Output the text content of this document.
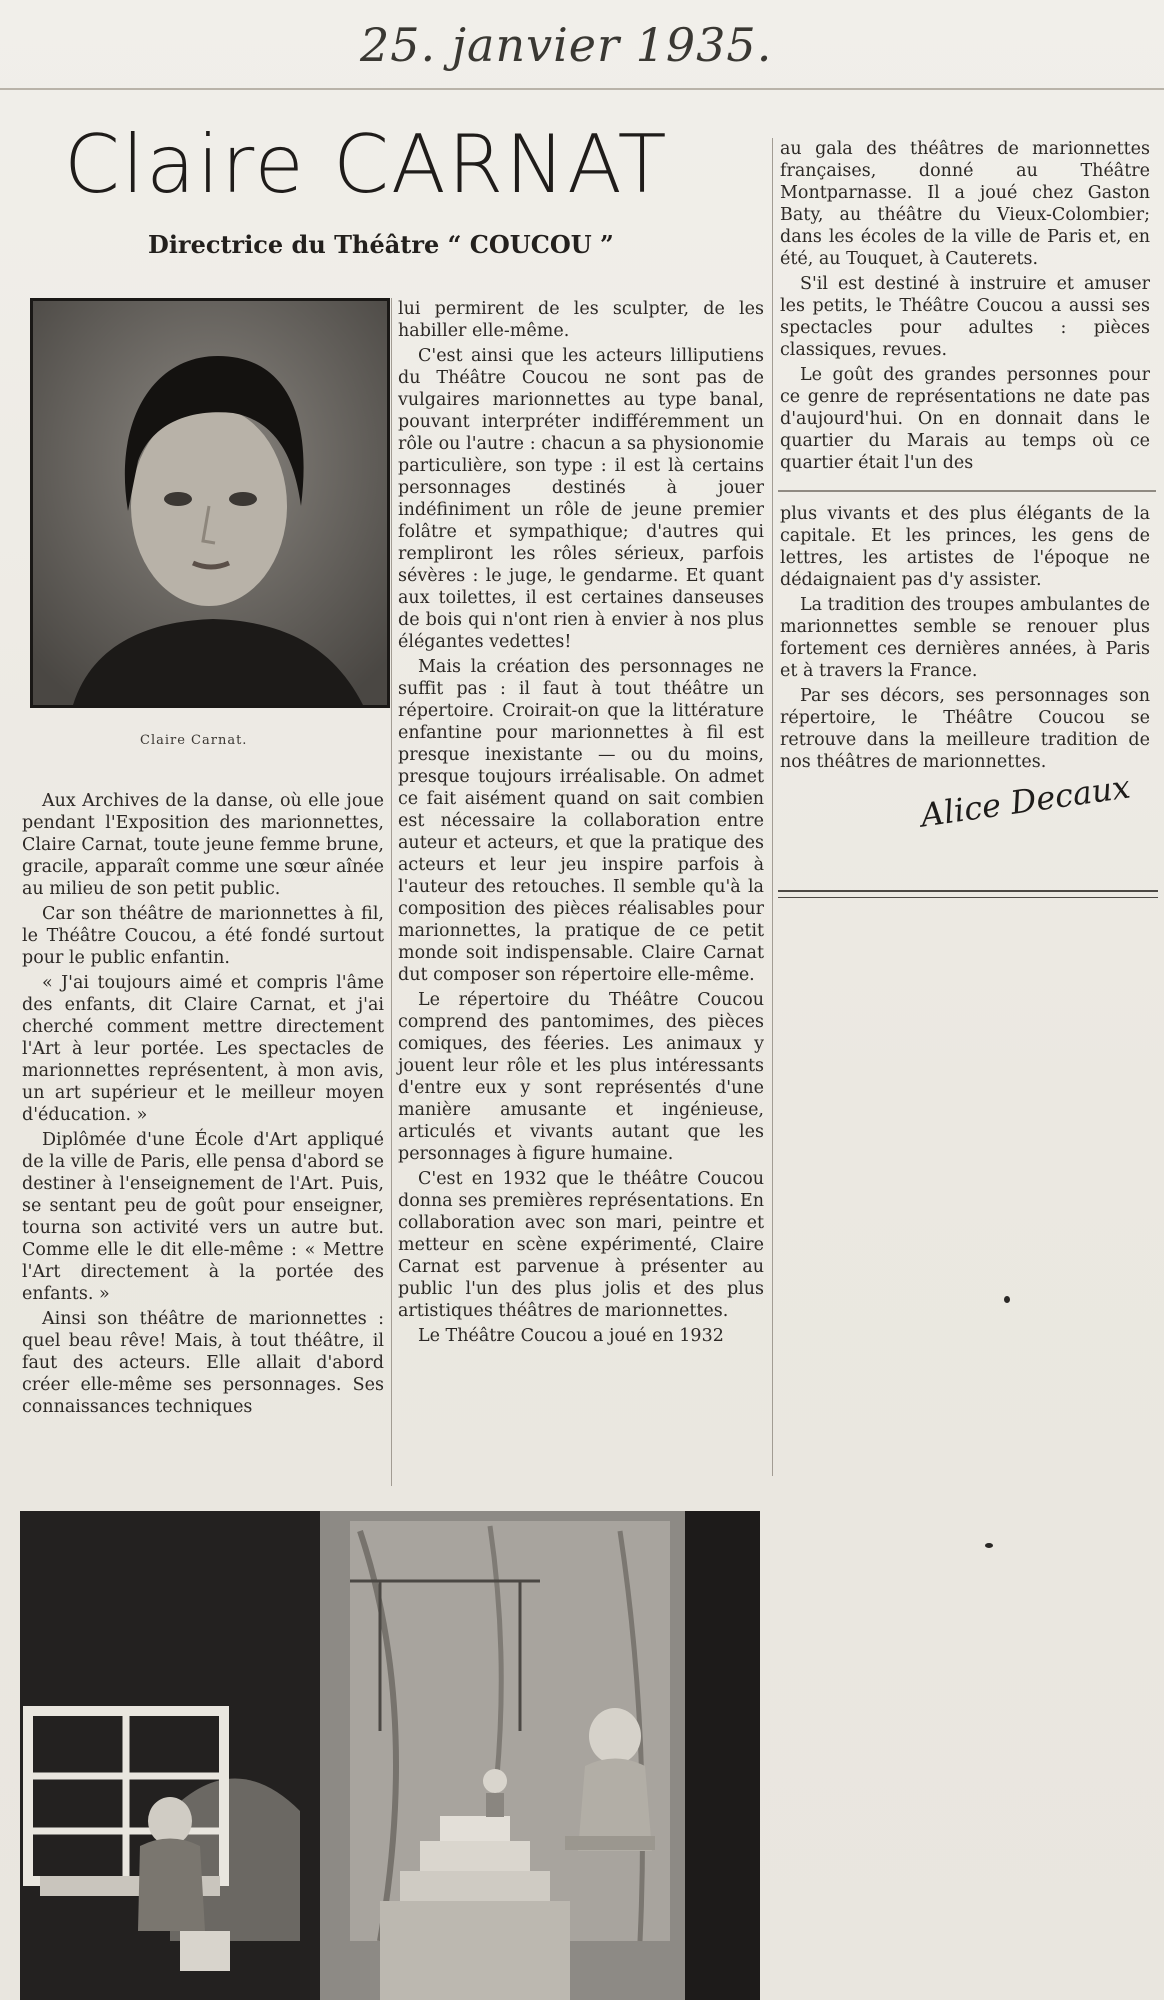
25. janvier 1935.
Claire CARNAT
Directrice du Théâtre “ COUCOU ”
Claire Carnat.

Aux Archives de la danse, où elle joue pendant l'Exposition des marionnettes, Claire Carnat, toute jeune femme brune, gracile, apparaît comme une sœur aînée au milieu de son petit public.

Car son théâtre de marionnettes à fil, le Théâtre Coucou, a été fondé surtout pour le public enfantin.

« J'ai toujours aimé et compris l'âme des enfants, dit Claire Carnat, et j'ai cherché comment mettre directement l'Art à leur portée. Les spectacles de marionnettes représentent, à mon avis, un art supérieur et le meilleur moyen d'éducation. »

Diplômée d'une École d'Art appliqué de la ville de Paris, elle pensa d'abord se destiner à l'enseignement de l'Art. Puis, se sentant peu de goût pour enseigner, tourna son activité vers un autre but. Comme elle le dit elle-même : « Mettre l'Art directement à la portée des enfants. »

Ainsi son théâtre de marionnettes : quel beau rêve! Mais, à tout théâtre, il faut des acteurs. Elle allait d'abord créer elle-même ses personnages. Ses connaissances techniques

lui permirent de les sculpter, de les habiller elle-même.

C'est ainsi que les acteurs lilliputiens du Théâtre Coucou ne sont pas de vulgaires marionnettes au type banal, pouvant interpréter indifféremment un rôle ou l'autre : chacun a sa physionomie particulière, son type : il est là certains personnages destinés à jouer indéfiniment un rôle de jeune premier folâtre et sympathique; d'autres qui rempliront les rôles sérieux, parfois sévères : le juge, le gendarme. Et quant aux toilettes, il est certaines danseuses de bois qui n'ont rien à envier à nos plus élégantes vedettes!

Mais la création des personnages ne suffit pas : il faut à tout théâtre un répertoire. Croirait-on que la littérature enfantine pour marionnettes à fil est presque inexistante — ou du moins, presque toujours irréalisable. On admet ce fait aisément quand on sait combien est nécessaire la collaboration entre auteur et acteurs, et que la pratique des acteurs et leur jeu inspire parfois à l'auteur des retouches. Il semble qu'à la composition des pièces réalisables pour marionnettes, la pratique de ce petit monde soit indispensable. Claire Carnat dut composer son répertoire elle-même.

Le répertoire du Théâtre Coucou comprend des pantomimes, des pièces comiques, des féeries. Les animaux y jouent leur rôle et les plus intéressants d'entre eux y sont représentés d'une manière amusante et ingénieuse, articulés et vivants autant que les personnages à figure humaine.

C'est en 1932 que le théâtre Coucou donna ses premières représentations. En collaboration avec son mari, peintre et metteur en scène expérimenté, Claire Carnat est parvenue à présenter au public l'un des plus jolis et des plus artistiques théâtres de marionnettes.

Le Théâtre Coucou a joué en 1932

au gala des théâtres de marionnettes françaises, donné au Théâtre Montparnasse. Il a joué chez Gaston Baty, au théâtre du Vieux-Colombier; dans les écoles de la ville de Paris et, en été, au Touquet, à Cauterets.

S'il est destiné à instruire et amuser les petits, le Théâtre Coucou a aussi ses spectacles pour adultes : pièces classiques, revues.

Le goût des grandes personnes pour ce genre de représentations ne date pas d'aujourd'hui. On en donnait dans le quartier du Marais au temps où ce quartier était l'un des

plus vivants et des plus élégants de la capitale. Et les princes, les gens de lettres, les artistes de l'époque ne dédaignaient pas d'y assister.

La tradition des troupes ambulantes de marionnettes semble se renouer plus fortement ces dernières années, à Paris et à travers la France.

Par ses décors, ses personnages son répertoire, le Théâtre Coucou se retrouve dans la meilleure tradition de nos théâtres de marionnettes.

Alice Decaux
